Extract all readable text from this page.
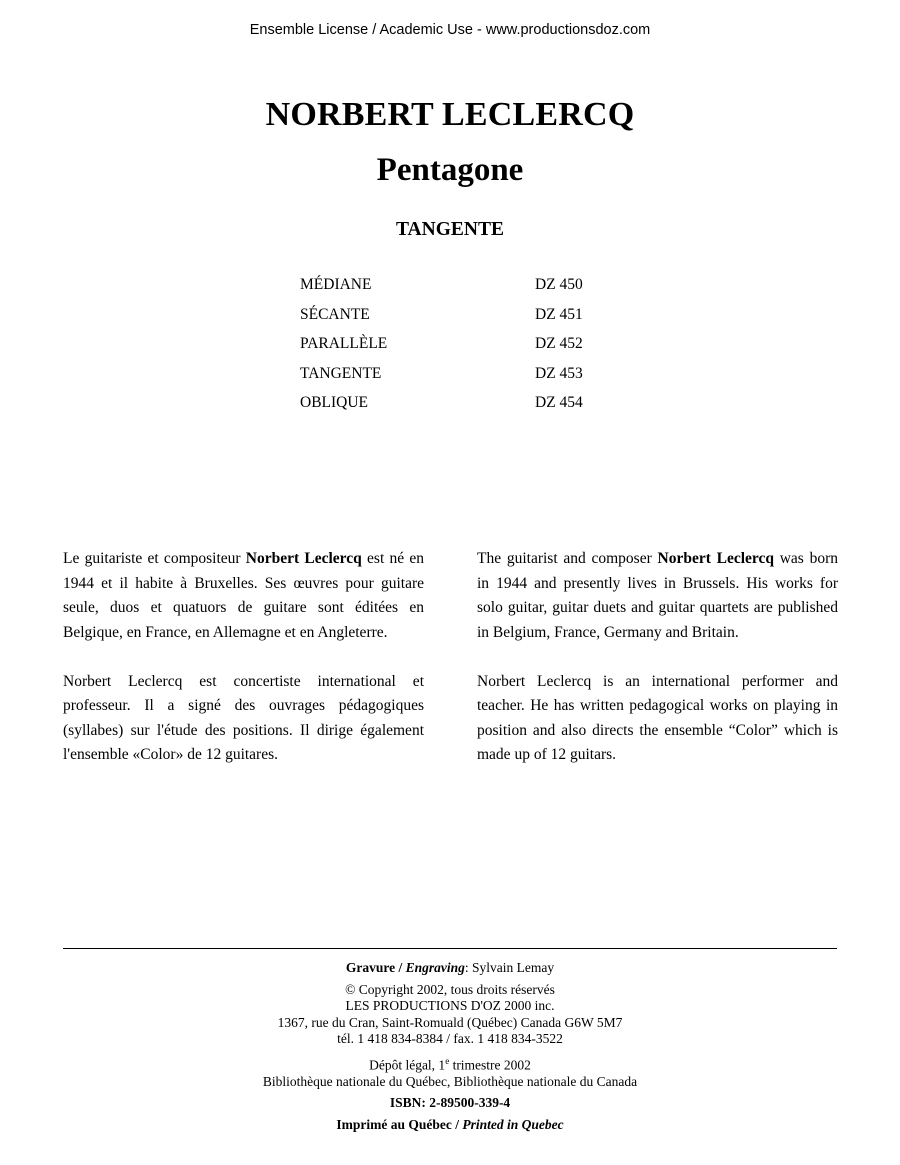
Ensemble License / Academic Use - www.productionsdoz.com
NORBERT LECLERCQ
Pentagone
TANGENTE
MÉDIANE	DZ 450
SÉCANTE	DZ 451
PARALLÈLE	DZ 452
TANGENTE	DZ 453
OBLIQUE	DZ 454

Le guitariste et compositeur Norbert Leclercq est né en 1944 et il habite à Bruxelles. Ses œuvres pour guitare seule, duos et quatuors de guitare sont éditées en Belgique, en France, en Allemagne et en Angleterre.

Norbert Leclercq est concertiste international et professeur. Il a signé des ouvrages pédagogiques (syllabes) sur l'étude des positions. Il dirige également l'ensemble «Color» de 12 guitares.

The guitarist and composer Norbert Leclercq was born in 1944 and presently lives in Brussels. His works for solo guitar, guitar duets and guitar quartets are published in Belgium, France, Germany and Britain.

Norbert Leclercq is an international performer and teacher. He has written pedagogical works on playing in position and also directs the ensemble “Color” which is made up of 12 guitars.

Gravure / Engraving: Sylvain Lemay
© Copyright 2002, tous droits réservés
LES PRODUCTIONS D'OZ 2000 inc.
1367, rue du Cran, Saint-Romuald (Québec) Canada G6W 5M7
tél. 1 418 834-8384 / fax. 1 418 834-3522
Dépôt légal, 1e trimestre 2002
Bibliothèque nationale du Québec, Bibliothèque nationale du Canada
ISBN: 2-89500-339-4
Imprimé au Québec / Printed in Quebec
